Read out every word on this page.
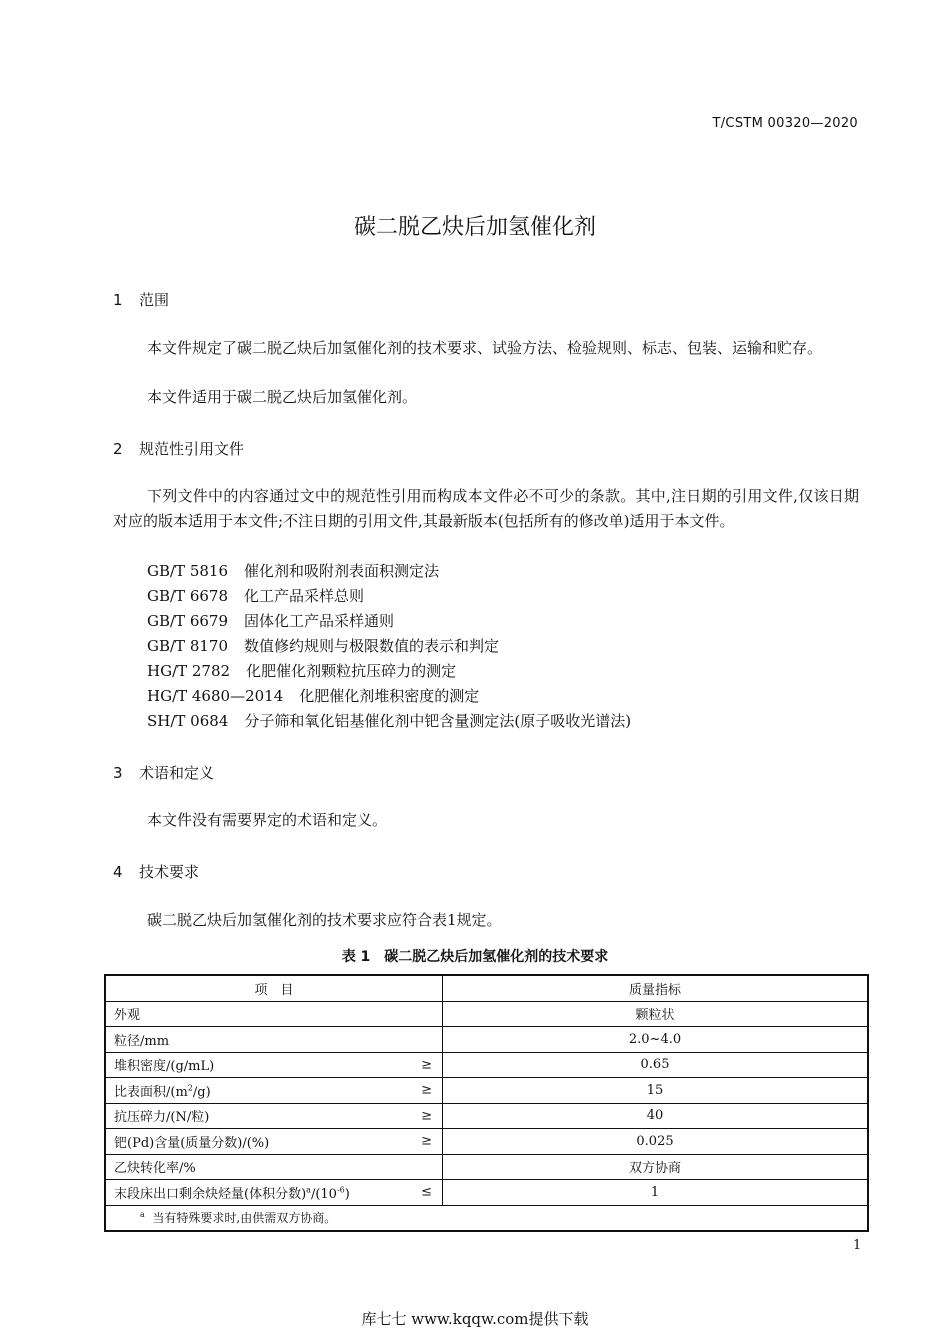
T/CSTM 00320—2020
碳二脱乙炔后加氢催化剂
1 范围
本文件规定了碳二脱乙炔后加氢催化剂的技术要求、试验方法、检验规则、标志、包装、运输和贮存。
本文件适用于碳二脱乙炔后加氢催化剂。
2 规范性引用文件
下列文件中的内容通过文中的规范性引用而构成本文件必不可少的条款。其中,注日期的引用文件,仅该日期对应的版本适用于本文件;不注日期的引用文件,其最新版本(包括所有的修改单)适用于本文件。
GB/T 5816 催化剂和吸附剂表面积测定法
GB/T 6678 化工产品采样总则
GB/T 6679 固体化工产品采样通则
GB/T 8170 数值修约规则与极限数值的表示和判定
HG/T 2782 化肥催化剂颗粒抗压碎力的测定
HG/T 4680—2014 化肥催化剂堆积密度的测定
SH/T 0684 分子筛和氧化铝基催化剂中钯含量测定法(原子吸收光谱法)
3 术语和定义
本文件没有需要界定的术语和定义。
4 技术要求
碳二脱乙炔后加氢催化剂的技术要求应符合表1规定。
表 1　碳二脱乙炔后加氢催化剂的技术要求
项　目	质量指标
外观	颗粒状
粒径/mm	2.0~4.0
堆积密度/(g/mL) ≥	0.65
比表面积$/(m^2/g)$ ≥	15
抗压碎力/(N/粒) ≥	40
钯(Pd)含量(质量分数)/(%) ≥	0.025
乙炔转化率/%	双方协商
末段床出口剩余炔烃量(体积分数)$^a/(10^{-6})$ ≤	1
$^a$ 当有特殊要求时,由供需双方协商。	
1
库七七 www.kqqw.com提供下载
